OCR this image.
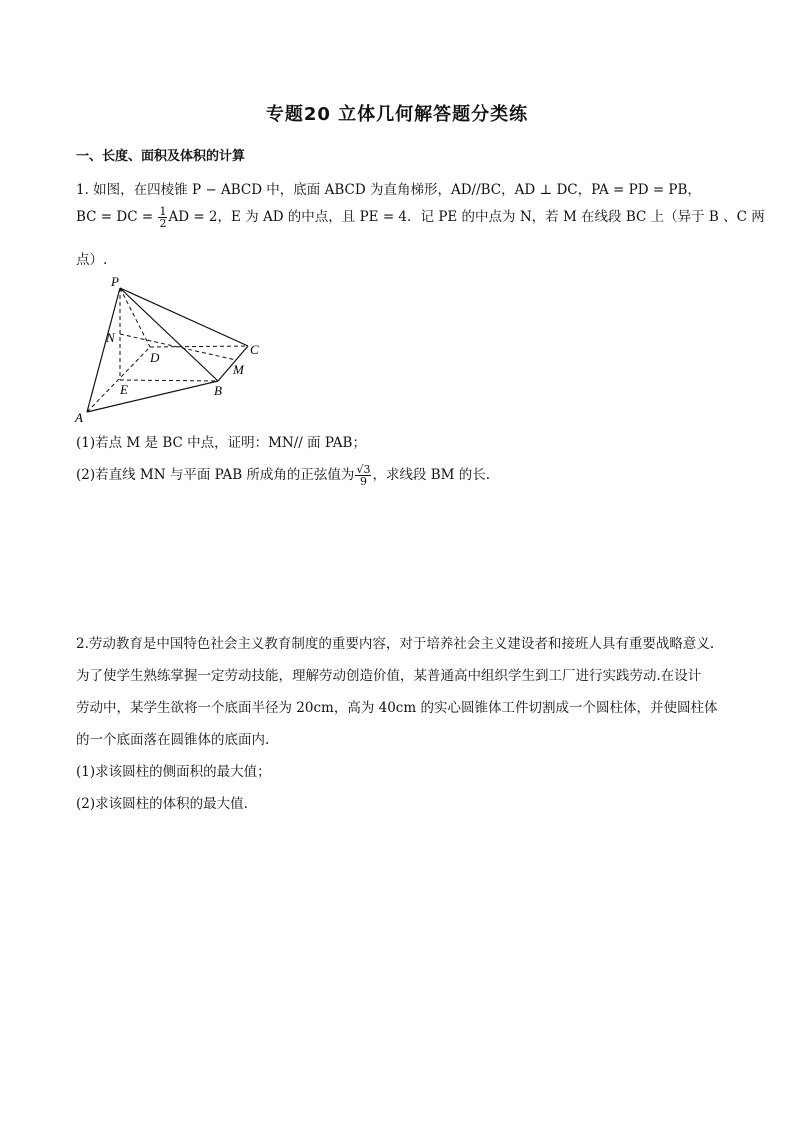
专题20 立体几何解答题分类练
一、长度、面积及体积的计算
1. 如图，在四棱锥 P − ABCD 中，底面 ABCD 为直角梯形，AD//BC，AD ⊥ DC，PA = PD = PB，
BC = DC = $\frac{1}{2}$ AD = 2，E 为 AD 的中点，且 PE = 4．记 PE 的中点为 N，若 M 在线段 BC 上（异于 B 、C 两
点）.
P
N
D
C
M
E	B
A
(1)若点 M 是 BC 中点，证明：MN// 面 PAB；
(2)若直线 MN 与平面 PAB 所成角的正弦值为 $\frac{√3}{9}$ ，求线段 BM 的长.
2.劳动教育是中国特色社会主义教育制度的重要内容，对于培养社会主义建设者和接班人具有重要战略意义.
为了使学生熟练掌握一定劳动技能，理解劳动创造价值，某普通高中组织学生到工厂进行实践劳动.在设计
劳动中，某学生欲将一个底面半径为 20cm，高为 40cm 的实心圆锥体工件切割成一个圆柱体，并使圆柱体
的一个底面落在圆锥体的底面内.
(1)求该圆柱的侧面积的最大值；
(2)求该圆柱的体积的最大值.
